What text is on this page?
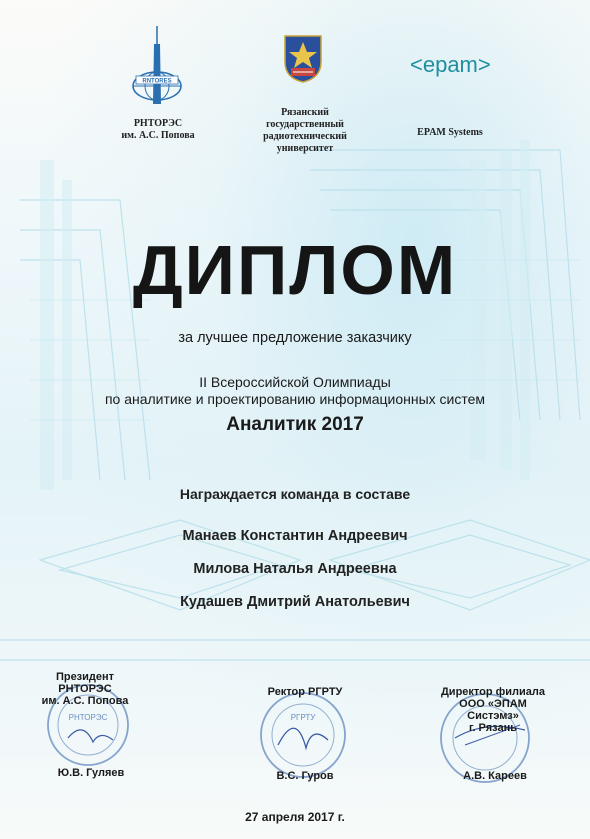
RNTORES
РНТОРЭС
им. А.С. Попова
Рязанский
государственный
радиотехнический
университет
<epam>
EPAM Systems
ДИПЛОМ
за лучшее предложение заказчику
II Всероссийской Олимпиады
по аналитике и проектированию информационных систем
Аналитик 2017
Награждается команда в составе
Манаев Константин Андреевич
Милова Наталья Андреевна
Кудашев Дмитрий Анатольевич
РНТОРЭС	РГРТУ
Президент
РНТОРЭС
им. А.С. Попова
Ю.В. Гуляев
Ректор РГРТУ
В.С. Гуров
Директор филиала
ООО «ЭПАМ
Систэмз»
г. Рязань
А.В. Кареев
27 апреля 2017 г.
